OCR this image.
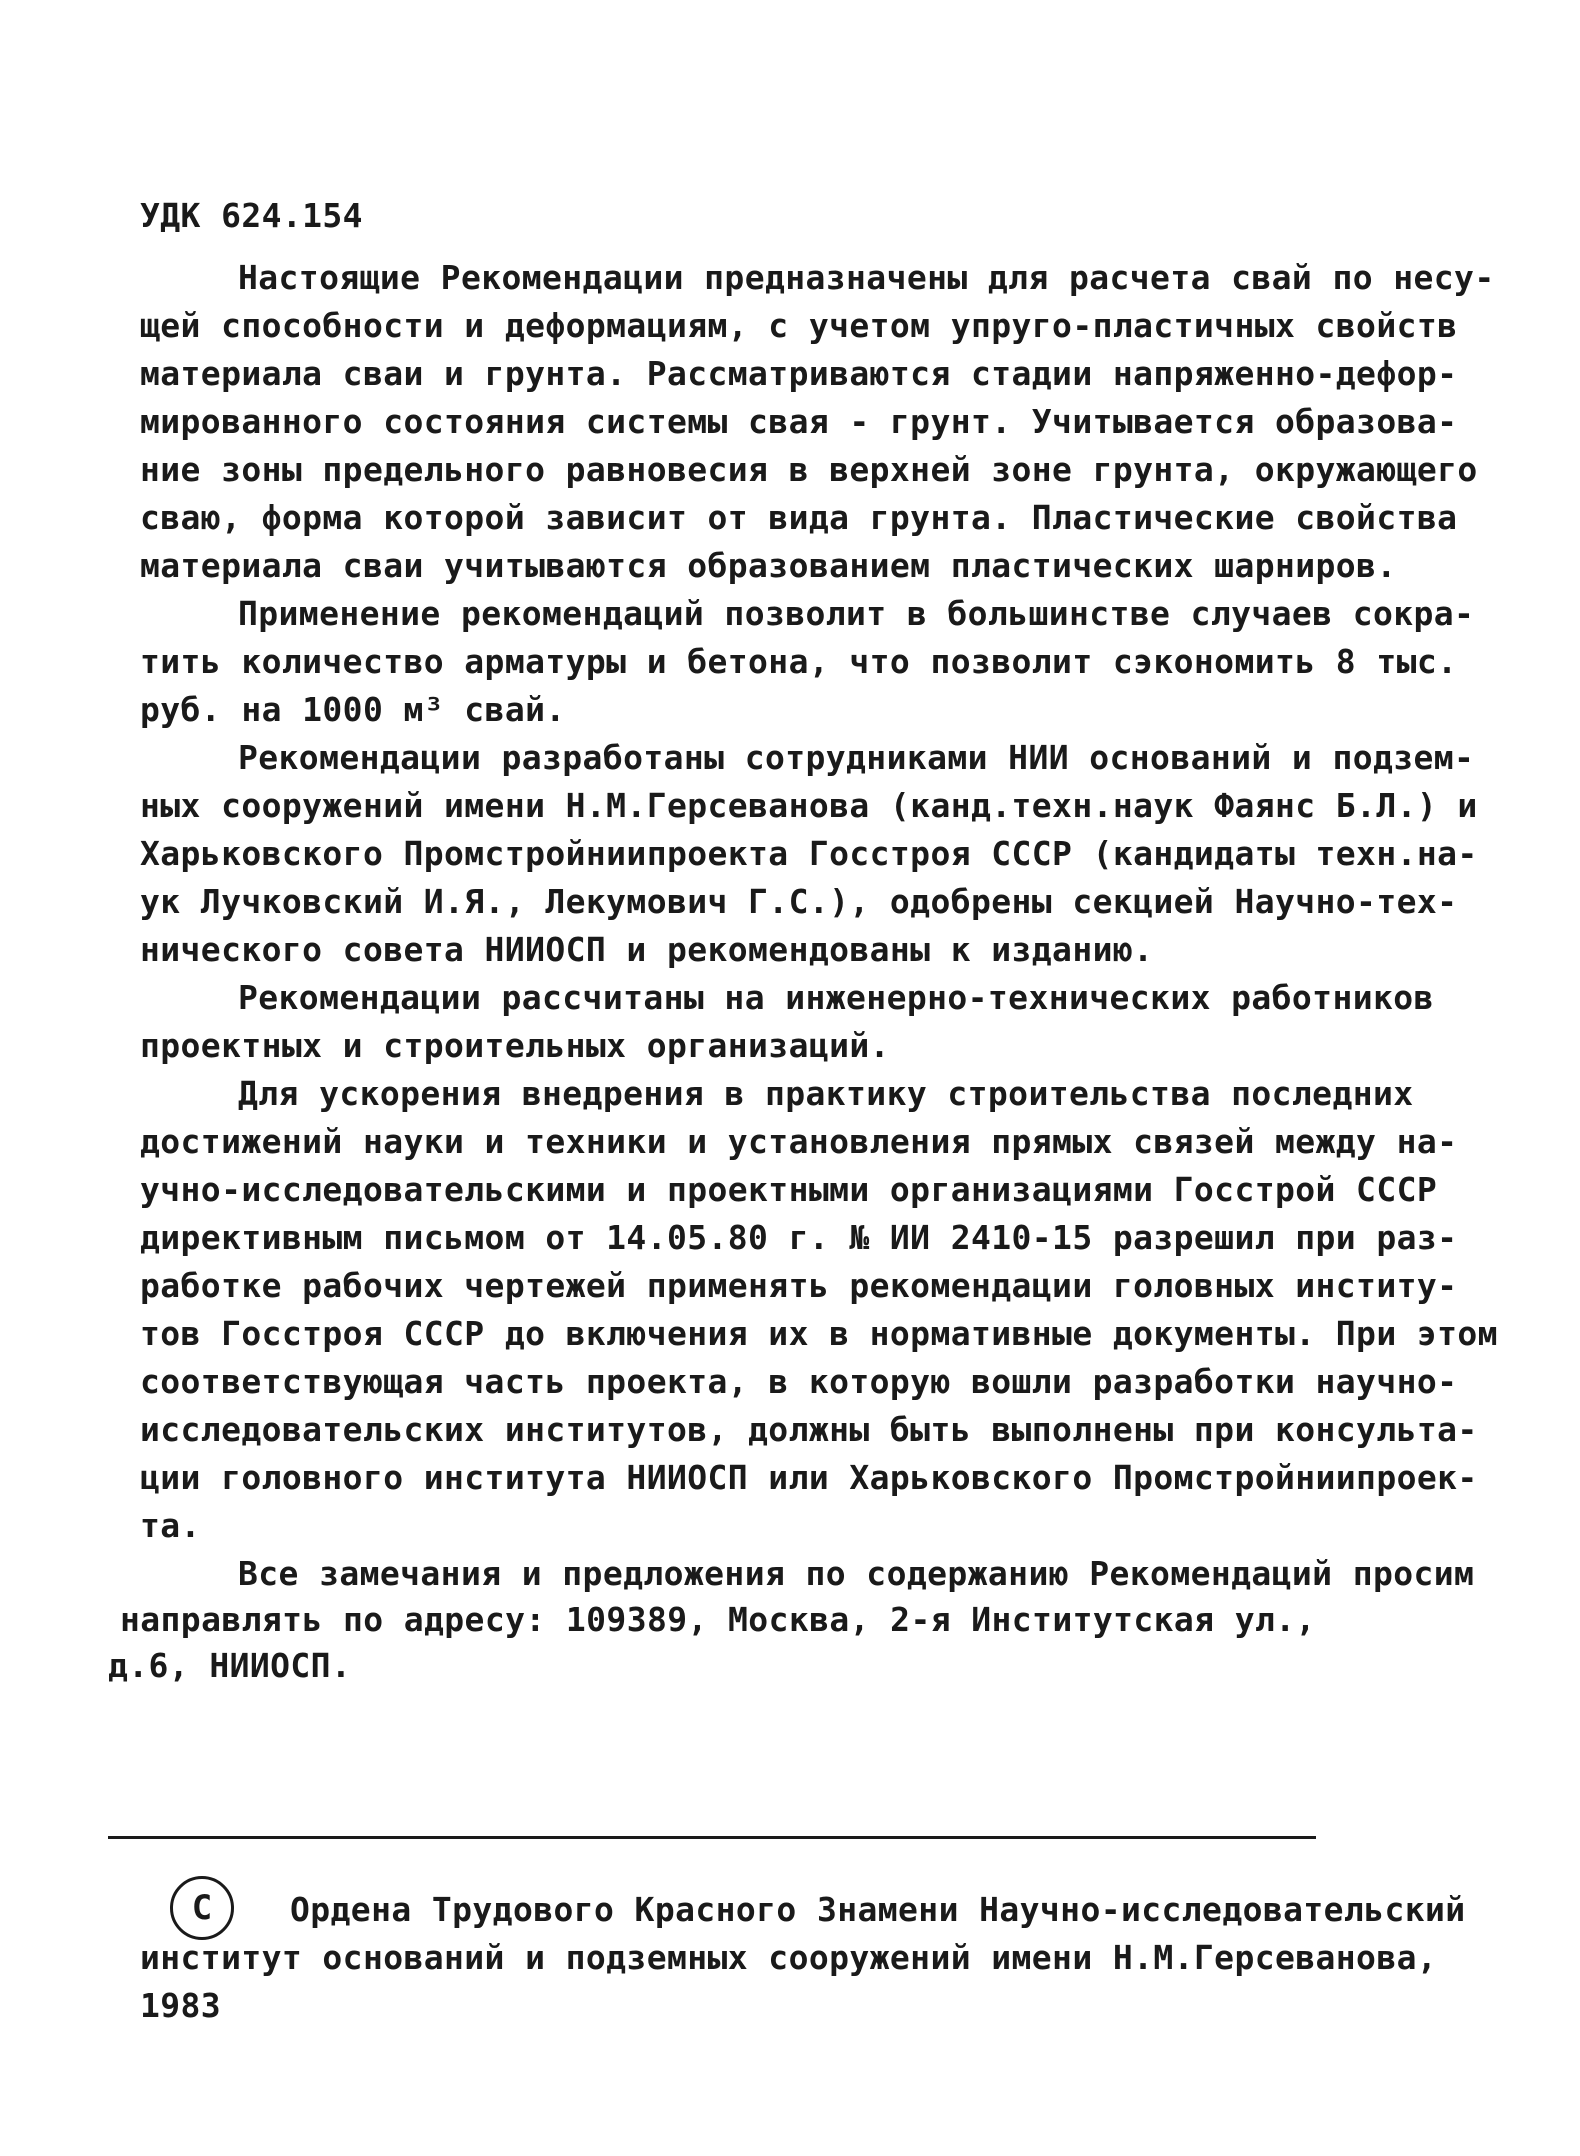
УДК 624.154
Настоящие Рекомендации предназначены для расчета свай по несу-
щей способности и деформациям, с учетом упруго-пластичных свойств
материала сваи и грунта. Рассматриваются стадии напряженно-дефор-
мированного состояния системы свая - грунт. Учитывается образова-
ние зоны предельного равновесия в верхней зоне грунта, окружающего
сваю, форма которой зависит от вида грунта. Пластические свойства
материала сваи учитываются образованием пластических шарниров.
Применение рекомендаций позволит в большинстве случаев сокра-
тить количество арматуры и бетона, что позволит сэкономить 8 тыс.
руб. на 1000 м³ свай.
Рекомендации разработаны сотрудниками НИИ оснований и подзем-
ных сооружений имени Н.М.Герсеванова (канд.техн.наук Фаянс Б.Л.) и
Харьковского Промстройниипроекта Госстроя СССР (кандидаты техн.на-
ук Лучковский И.Я., Лекумович Г.С.), одобрены секцией Научно-тех-
нического совета НИИОСП и рекомендованы к изданию.
Рекомендации рассчитаны на инженерно-технических работников
проектных и строительных организаций.
Для ускорения внедрения в практику строительства последних
достижений науки и техники и установления прямых связей между на-
учно-исследовательскими и проектными организациями Госстрой СССР
директивным письмом от 14.05.80 г. № ИИ 2410-15 разрешил при раз-
работке рабочих чертежей применять рекомендации головных институ-
тов Госстроя СССР до включения их в нормативные документы. При этом
соответствующая часть проекта, в которую вошли разработки научно-
исследовательских институтов, должны быть выполнены при консульта-
ции головного института НИИОСП или Харьковского Промстройниипроек-
та.
Все замечания и предложения по содержанию Рекомендаций просим
направлять по адресу: 109389, Москва, 2-я Институтская ул.,
д.6, НИИОСП.
С	Ордена Трудового Красного Знамени Научно-исследовательский
институт оснований и подземных сооружений имени Н.М.Герсеванова,
1983
